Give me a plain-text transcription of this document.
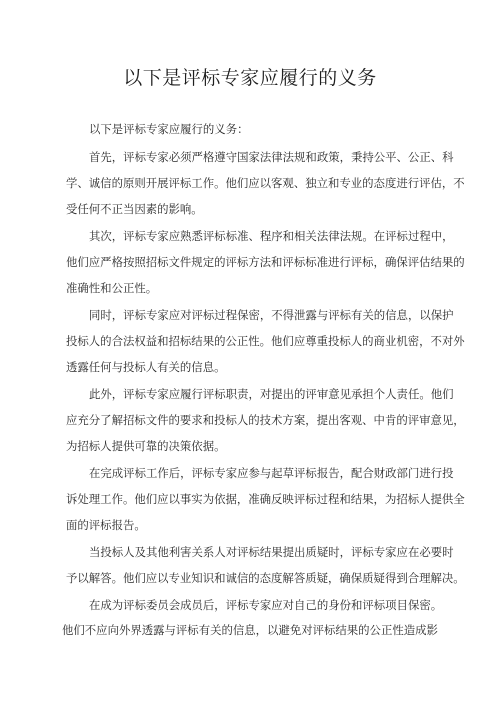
以下是评标专家应履行的义务

以下是评标专家应履行的义务：

首先，评标专家必须严格遵守国家法律法规和政策，秉持公平、公正、科

学、诚信的原则开展评标工作。他们应以客观、独立和专业的态度进行评估，不

受任何不正当因素的影响。

其次，评标专家应熟悉评标标准、程序和相关法律法规。在评标过程中，

他们应严格按照招标文件规定的评标方法和评标标准进行评标，确保评估结果的

准确性和公正性。

同时，评标专家应对评标过程保密，不得泄露与评标有关的信息，以保护

投标人的合法权益和招标结果的公正性。他们应尊重投标人的商业机密，不对外

透露任何与投标人有关的信息。

此外，评标专家应履行评标职责，对提出的评审意见承担个人责任。他们

应充分了解招标文件的要求和投标人的技术方案，提出客观、中肯的评审意见，

为招标人提供可靠的决策依据。

在完成评标工作后，评标专家应参与起草评标报告，配合财政部门进行投

诉处理工作。他们应以事实为依据，准确反映评标过程和结果，为招标人提供全

面的评标报告。

当投标人及其他利害关系人对评标结果提出质疑时，评标专家应在必要时

予以解答。他们应以专业知识和诚信的态度解答质疑，确保质疑得到合理解决。

在成为评标委员会成员后，评标专家应对自己的身份和评标项目保密。

他们不应向外界透露与评标有关的信息，以避免对评标结果的公正性造成影
